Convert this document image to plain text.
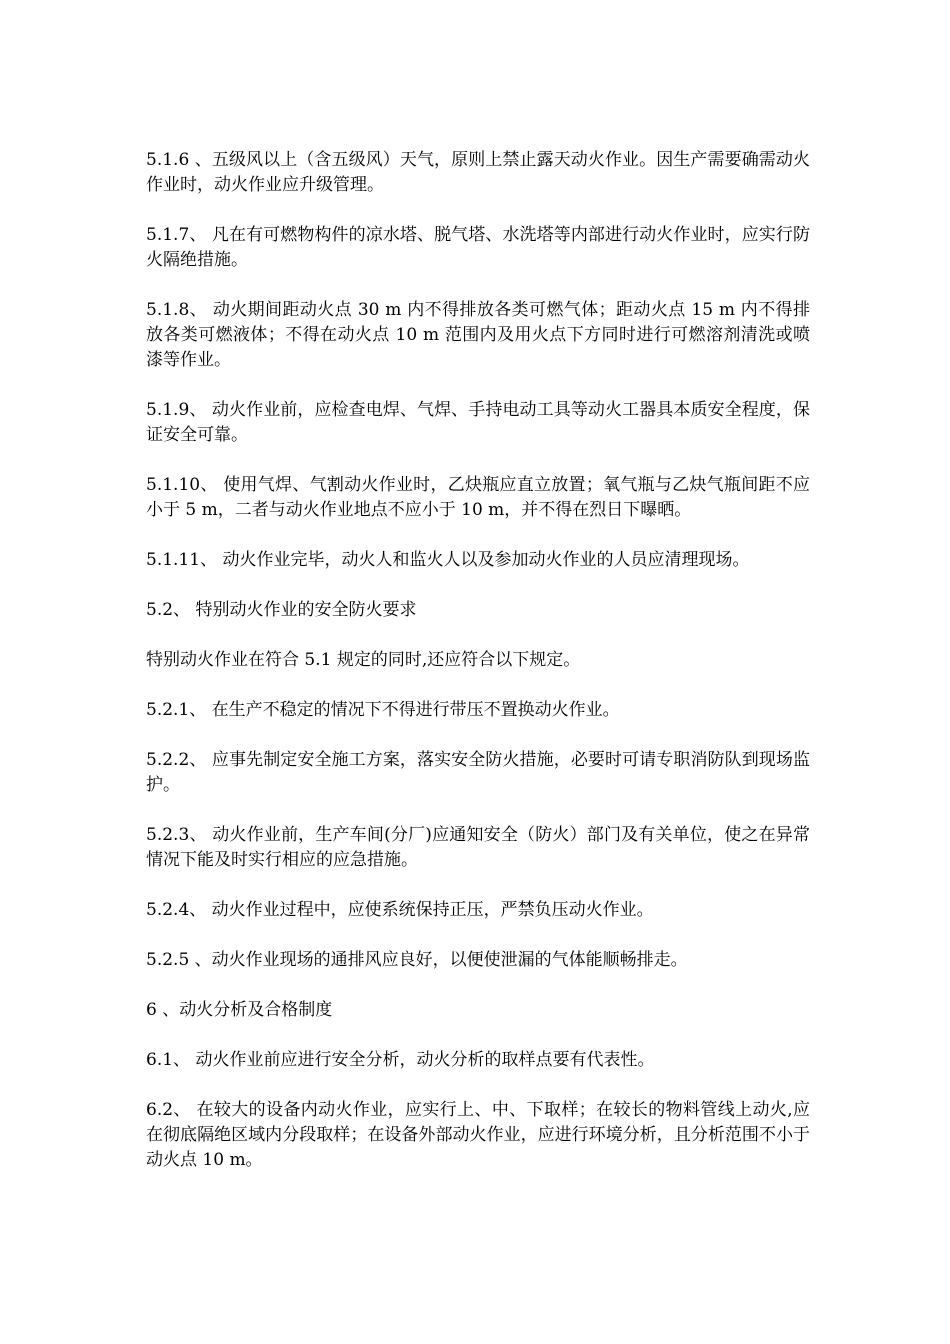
5.1.6 、五级风以上（含五级风）天气，原则上禁止露天动火作业。因生产需要确需动火作业时，动火作业应升级管理。

5.1.7、 凡在有可燃物构件的凉水塔、脱气塔、水洗塔等内部进行动火作业时，应实行防火隔绝措施。

5.1.8、 动火期间距动火点 30 m 内不得排放各类可燃气体；距动火点 15 m 内不得排放各类可燃液体；不得在动火点 10 m 范围内及用火点下方同时进行可燃溶剂清洗或喷漆等作业。

5.1.9、 动火作业前，应检查电焊、气焊、手持电动工具等动火工器具本质安全程度，保证安全可靠。

5.1.10、 使用气焊、气割动火作业时，乙炔瓶应直立放置；氧气瓶与乙炔气瓶间距不应小于 5 m，二者与动火作业地点不应小于 10 m，并不得在烈日下曝晒。

5.1.11、 动火作业完毕，动火人和监火人以及参加动火作业的人员应清理现场。

5.2、 特别动火作业的安全防火要求

特别动火作业在符合 5.1 规定的同时,还应符合以下规定。

5.2.1、 在生产不稳定的情况下不得进行带压不置换动火作业。

5.2.2、 应事先制定安全施工方案，落实安全防火措施，必要时可请专职消防队到现场监护。

5.2.3、 动火作业前，生产车间(分厂)应通知安全（防火）部门及有关单位，使之在异常情况下能及时实行相应的应急措施。

5.2.4、 动火作业过程中，应使系统保持正压，严禁负压动火作业。

5.2.5 、动火作业现场的通排风应良好，以便使泄漏的气体能顺畅排走。

6 、动火分析及合格制度

6.1、 动火作业前应进行安全分析，动火分析的取样点要有代表性。

6.2、 在较大的设备内动火作业，应实行上、中、下取样；在较长的物料管线上动火,应在彻底隔绝区域内分段取样；在设备外部动火作业，应进行环境分析，且分析范围不小于动火点 10 m。
